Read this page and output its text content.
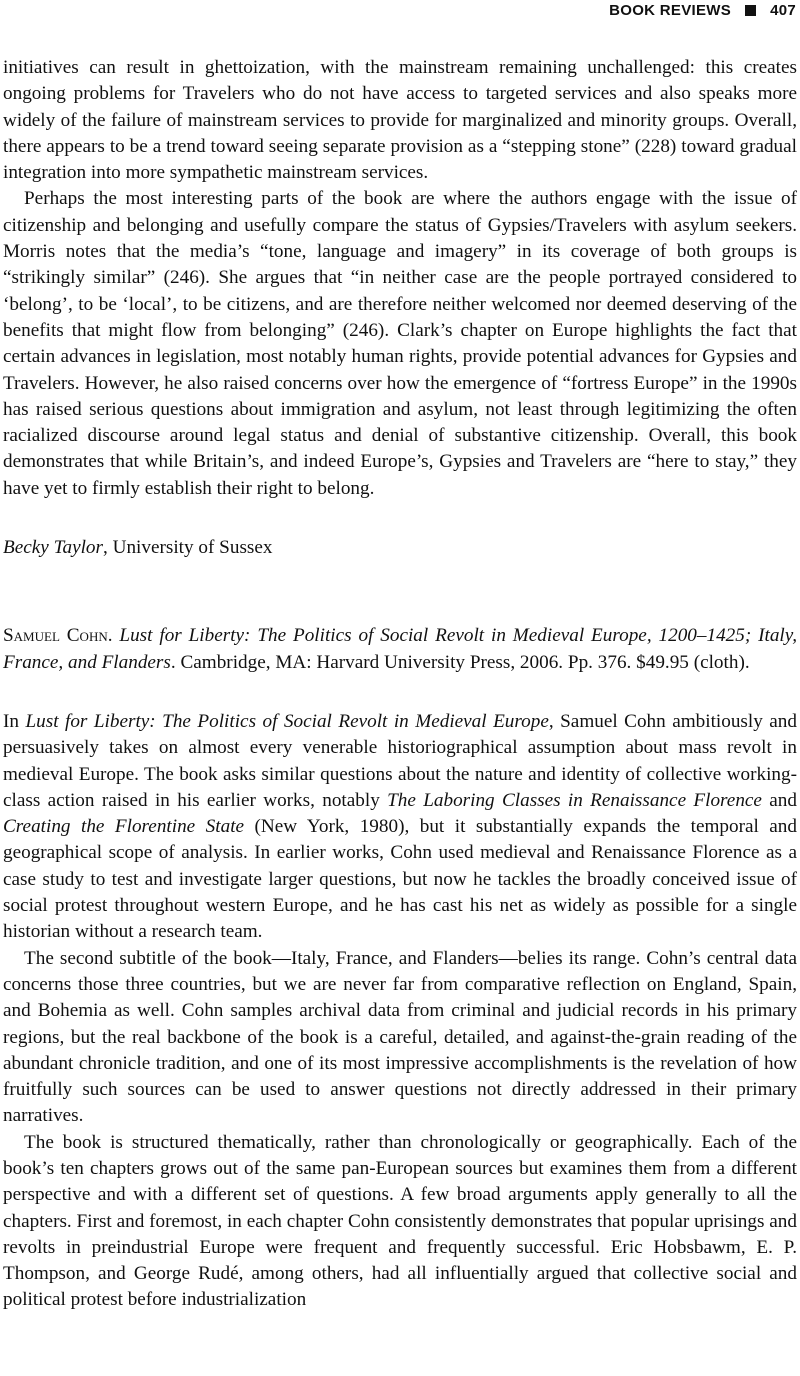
BOOK REVIEWS	407

initiatives can result in ghettoization, with the mainstream remaining unchallenged: this creates ongoing problems for Travelers who do not have access to targeted services and also speaks more widely of the failure of mainstream services to provide for marginalized and minority groups. Overall, there appears to be a trend toward seeing separate provision as a “stepping stone” (228) toward gradual integration into more sympathetic mainstream services.

Perhaps the most interesting parts of the book are where the authors engage with the issue of citizenship and belonging and usefully compare the status of Gypsies/Travelers with asylum seekers. Morris notes that the media’s “tone, language and imagery” in its coverage of both groups is “strikingly similar” (246). She argues that “in neither case are the people portrayed considered to ‘belong’, to be ‘local’, to be citizens, and are therefore neither welcomed nor deemed deserving of the benefits that might flow from belonging” (246). Clark’s chapter on Europe highlights the fact that certain advances in legislation, most notably human rights, provide potential advances for Gypsies and Travelers. However, he also raised concerns over how the emergence of “fortress Europe” in the 1990s has raised serious questions about immigration and asylum, not least through legitimizing the often racialized discourse around legal status and denial of substantive citizenship. Overall, this book demonstrates that while Britain’s, and indeed Europe’s, Gypsies and Travelers are “here to stay,” they have yet to firmly establish their right to belong.

Becky Taylor, University of Sussex

Samuel Cohn. Lust for Liberty: The Politics of Social Revolt in Medieval Europe, 1200–1425; Italy, France, and Flanders. Cambridge, MA: Harvard University Press, 2006. Pp. 376. $49.95 (cloth).

In Lust for Liberty: The Politics of Social Revolt in Medieval Europe, Samuel Cohn ambitiously and persuasively takes on almost every venerable historiographical assumption about mass revolt in medieval Europe. The book asks similar questions about the nature and identity of collective working-class action raised in his earlier works, notably The Laboring Classes in Renaissance Florence and Creating the Florentine State (New York, 1980), but it substantially expands the temporal and geographical scope of analysis. In earlier works, Cohn used medieval and Renaissance Florence as a case study to test and investigate larger questions, but now he tackles the broadly conceived issue of social protest throughout western Europe, and he has cast his net as widely as possible for a single historian without a research team.

The second subtitle of the book—Italy, France, and Flanders—belies its range. Cohn’s central data concerns those three countries, but we are never far from comparative reflection on England, Spain, and Bohemia as well. Cohn samples archival data from criminal and judicial records in his primary regions, but the real backbone of the book is a careful, detailed, and against-the-grain reading of the abundant chronicle tradition, and one of its most impressive accomplishments is the revelation of how fruitfully such sources can be used to answer questions not directly addressed in their primary narratives.

The book is structured thematically, rather than chronologically or geographically. Each of the book’s ten chapters grows out of the same pan-European sources but examines them from a different perspective and with a different set of questions. A few broad arguments apply generally to all the chapters. First and foremost, in each chapter Cohn consistently demonstrates that popular uprisings and revolts in preindustrial Europe were frequent and frequently successful. Eric Hobsbawm, E. P. Thompson, and George Rudé, among others, had all influentially argued that collective social and political protest before industrialization
